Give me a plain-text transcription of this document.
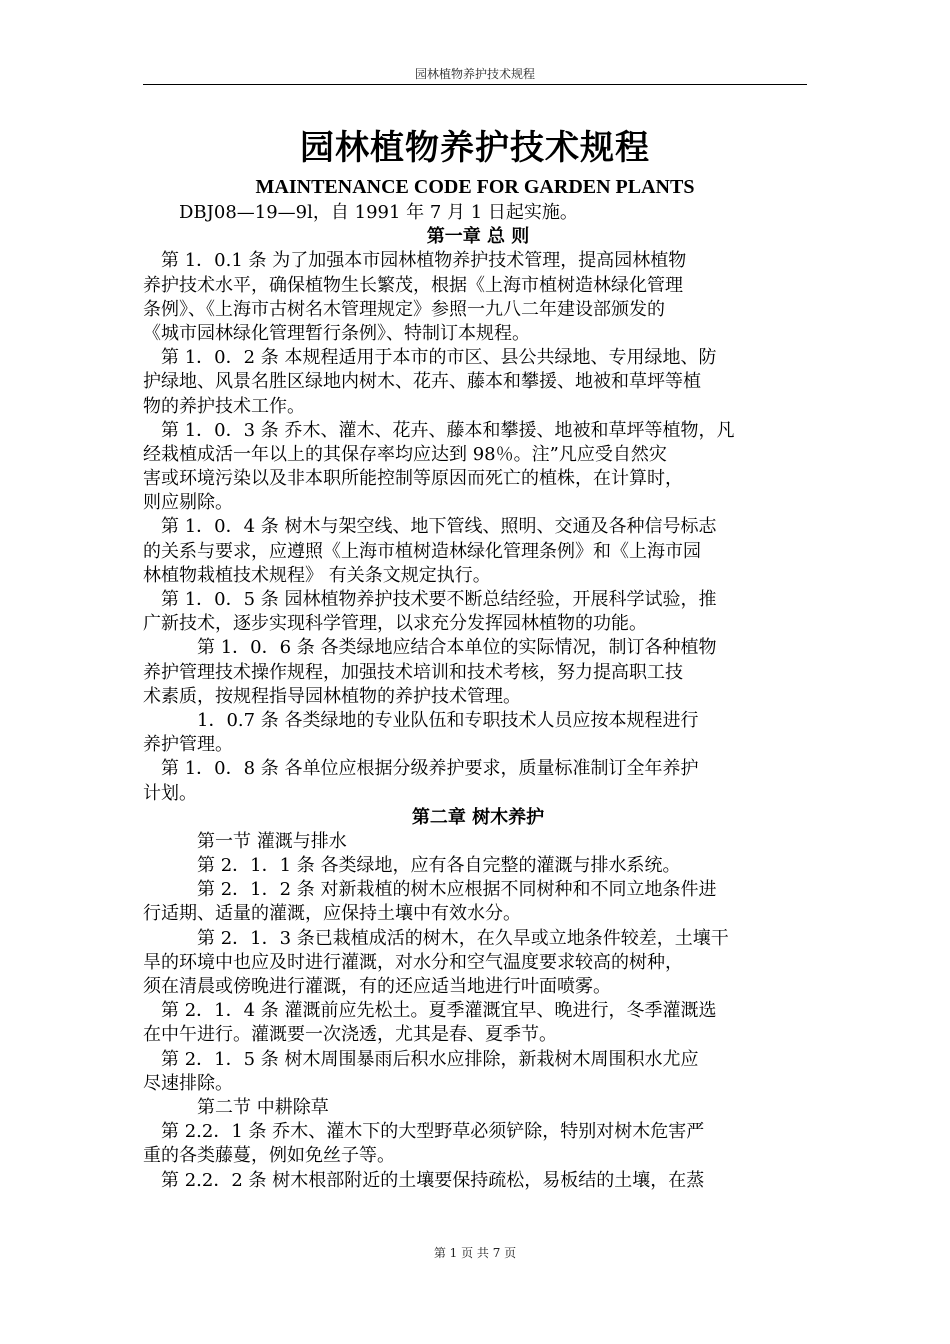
园林植物养护技术规程
园林植物养护技术规程
MAINTENANCE CODE FOR GARDEN PLANTS
　　DBJ08—19—9l，自 1991 年 7 月 1 日起实施。
第一章 总 则
　第 1．0.1 条 为了加强本市园林植物养护技术管理，提高园林植物
养护技术水平，确保植物生长繁茂，根据《上海市植树造林绿化管理
条例》、《上海市古树名木管理规定》参照一九八二年建设部颁发的
《城市园林绿化管理暂行条例》、特制订本规程。
　第 1．0．2 条 本规程适用于本市的市区、县公共绿地、专用绿地、防
护绿地、风景名胜区绿地内树木、花卉、藤本和攀援、地被和草坪等植
物的养护技术工作。
　第 1．0．3 条 乔木、灌木、花卉、藤本和攀援、地被和草坪等植物，凡
经栽植成活一年以上的其保存率均应达到 98％。注”凡应受自然灾
害或环境污染以及非本职所能控制等原因而死亡的植株，在计算时，
则应剔除。
　第 1．0．4 条 树木与架空线、地下管线、照明、交通及各种信号标志
的关系与要求，应遵照《上海市植树造林绿化管理条例》和《上海市园
林植物栽植技术规程》 有关条文规定执行。
　第 1．0．5 条 园林植物养护技术要不断总结经验，开展科学试验，推
广新技术，逐步实现科学管理，以求充分发挥园林植物的功能。
　　　第 1．0．6 条 各类绿地应结合本单位的实际情况，制订各种植物
养护管理技术操作规程，加强技术培训和技术考核，努力提高职工技
术素质，按规程指导园林植物的养护技术管理。
　　　1．0.7 条 各类绿地的专业队伍和专职技术人员应按本规程进行
养护管理。
　第 1．0．8 条 各单位应根据分级养护要求，质量标准制订全年养护
计划。
第二章 树木养护
　　　第一节 灌溉与排水
　　　第 2．1．1 条 各类绿地，应有各自完整的灌溉与排水系统。
　　　第 2．1．2 条 对新栽植的树木应根据不同树种和不同立地条件进
行适期、适量的灌溉，应保持土壤中有效水分。
　　　第 2．1．3 条已栽植成活的树木，在久旱或立地条件较差，土壤干
旱的环境中也应及时进行灌溉，对水分和空气温度要求较高的树种，
须在清晨或傍晚进行灌溉，有的还应适当地进行叶面喷雾。
　第 2．1．4 条 灌溉前应先松土。夏季灌溉宜早、晚进行，冬季灌溉选
在中午进行。灌溉要一次浇透，尤其是春、夏季节。
　第 2．1．5 条 树木周围暴雨后积水应排除，新栽树木周围积水尤应
尽速排除。
　　　第二节 中耕除草
　第 2.2．1 条 乔木、灌木下的大型野草必须铲除，特别对树木危害严
重的各类藤蔓，例如免丝子等。
　第 2.2．2 条 树木根部附近的土壤要保持疏松，易板结的土壤，在蒸
第 1 页 共 7 页
